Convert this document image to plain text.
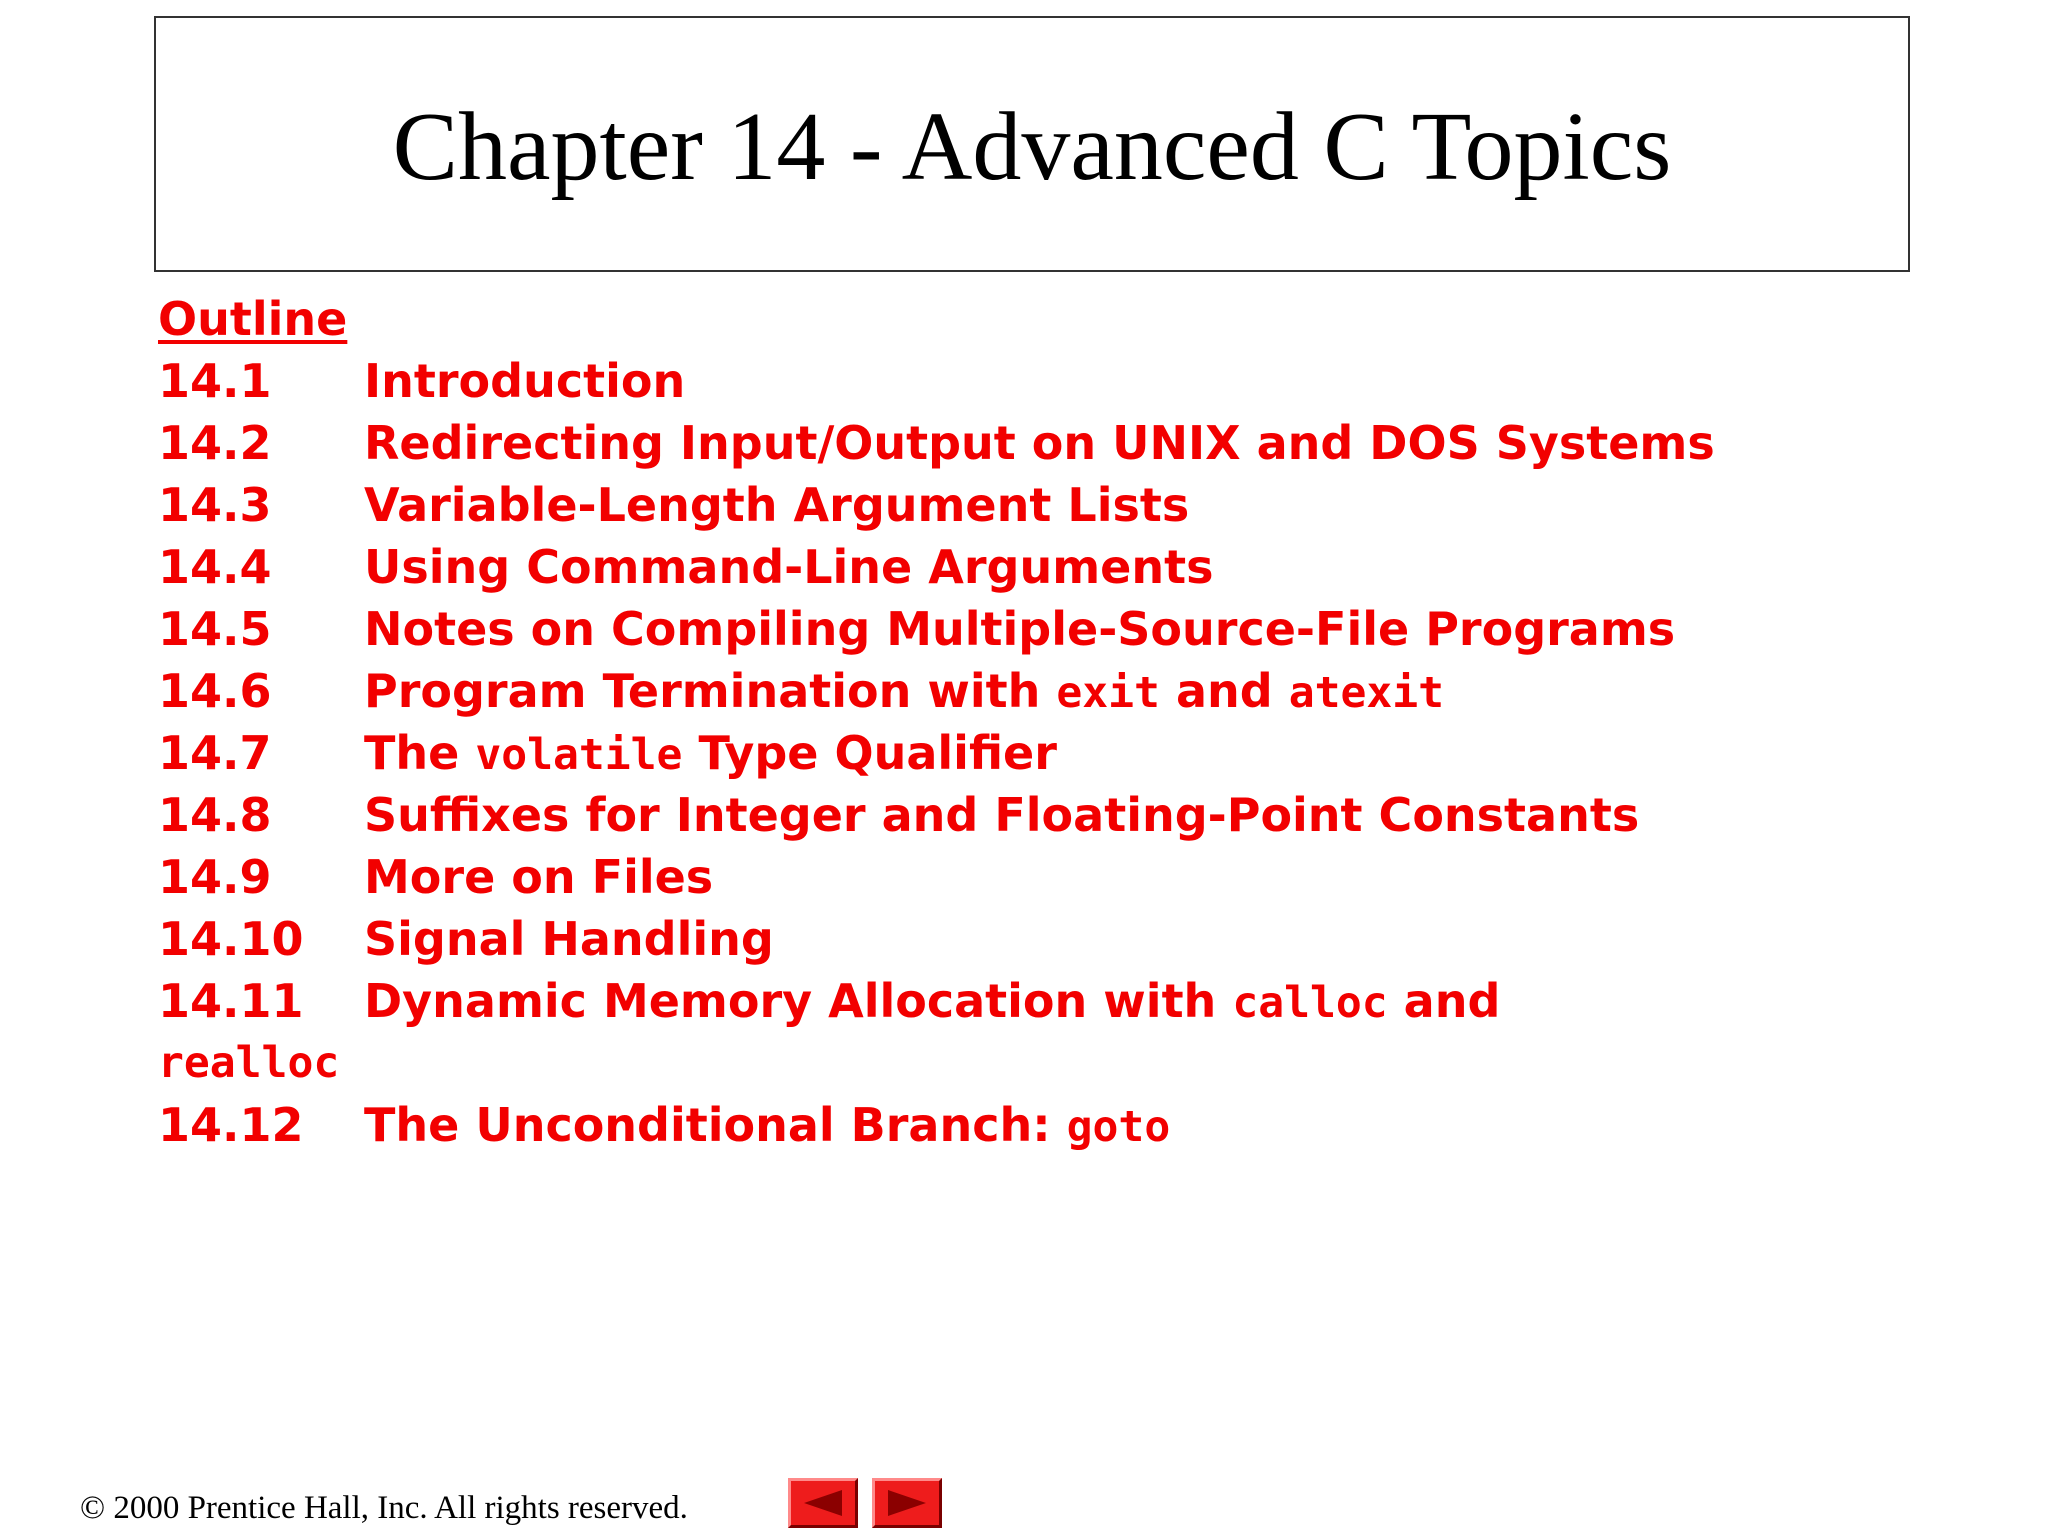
Chapter 14 - Advanced C Topics
Outline
14.1	Introduction
14.2	Redirecting Input/Output on UNIX and DOS Systems
14.3	Variable-Length Argument Lists
14.4	Using Command-Line Arguments
14.5	Notes on Compiling Multiple-Source-File Programs
14.6	Program Termination with exit and atexit
14.7	The volatile Type Qualifier
14.8	Suffixes for Integer and Floating-Point Constants
14.9	More on Files
14.10	Signal Handling
14.11	Dynamic Memory Allocation with calloc and
realloc
14.12	The Unconditional Branch: goto
© 2000 Prentice Hall, Inc. All rights reserved.
